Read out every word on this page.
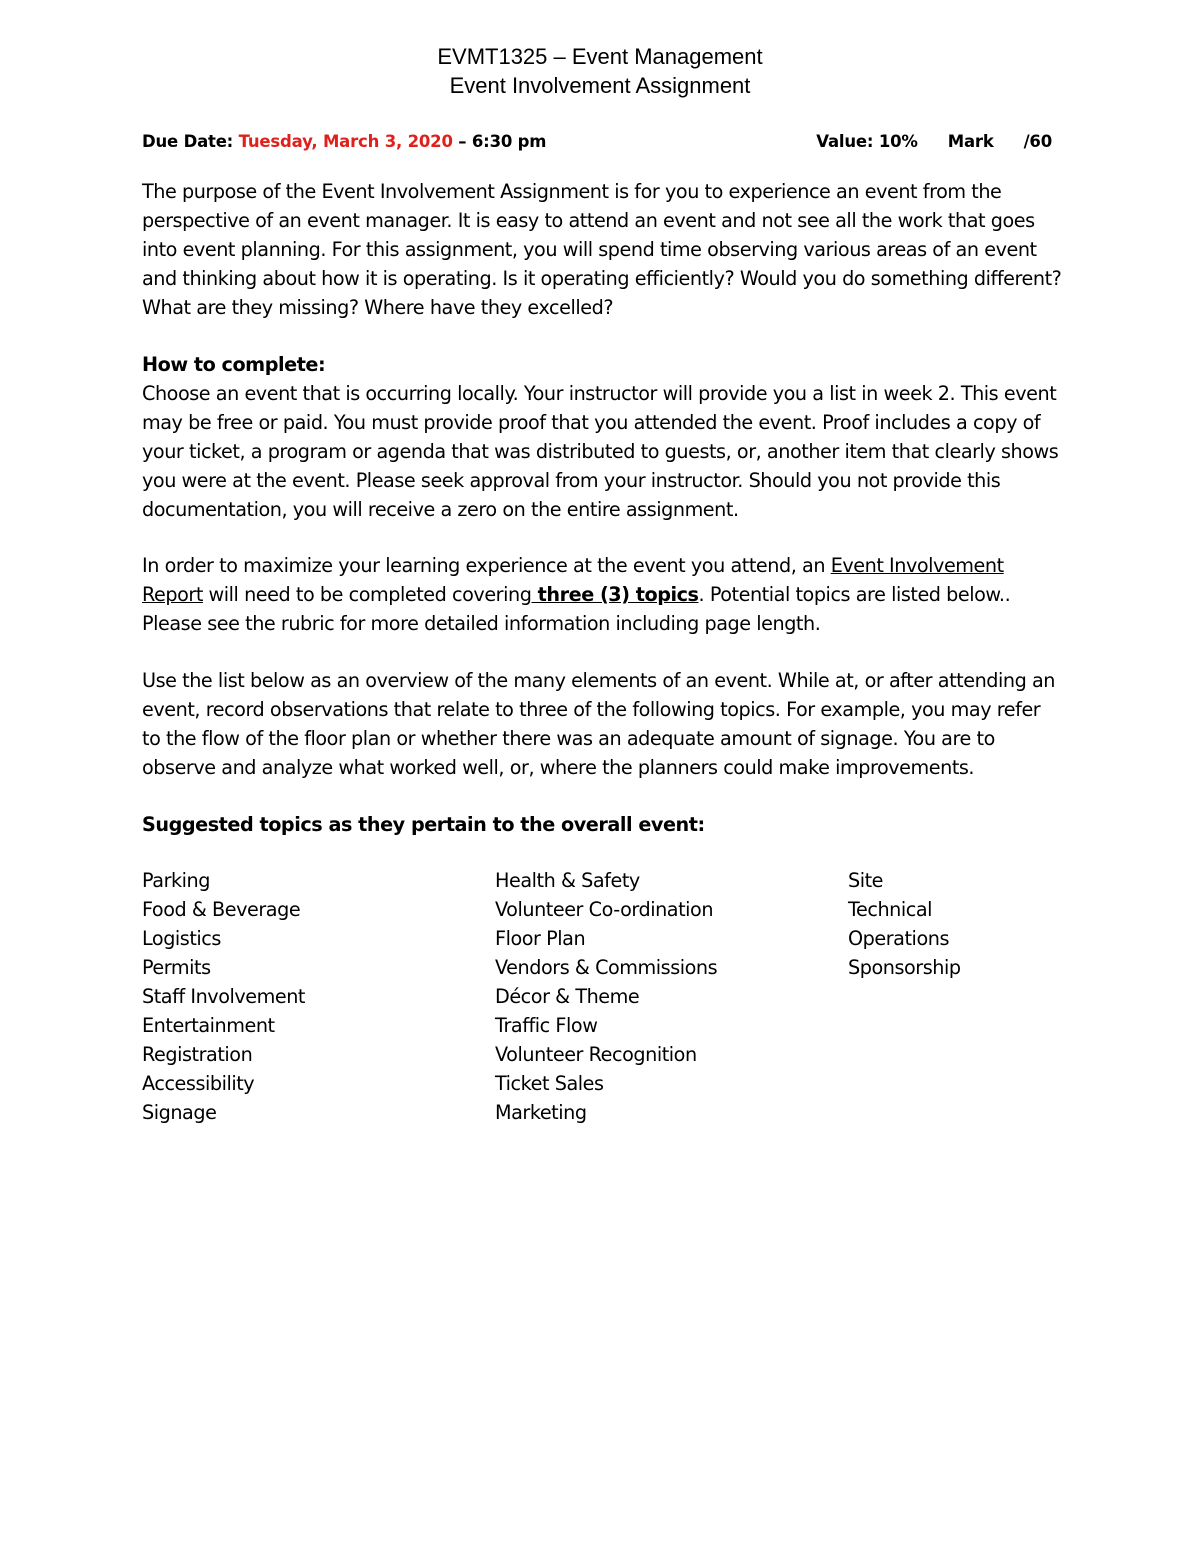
EVMT1325 – Event Management
Event Involvement Assignment
Due Date: Tuesday, March 3, 2020 – 6:30 pm	Value: 10% Mark /60

The purpose of the Event Involvement Assignment is for you to experience an event from the perspective of an event manager. It is easy to attend an event and not see all the work that goes into event planning. For this assignment, you will spend time observing various areas of an event and thinking about how it is operating. Is it operating efficiently? Would you do something different? What are they missing? Where have they excelled?

How to complete:
Choose an event that is occurring locally. Your instructor will provide you a list in week 2. This event may be free or paid. You must provide proof that you attended the event. Proof includes a copy of your ticket, a program or agenda that was distributed to guests, or, another item that clearly shows you were at the event. Please seek approval from your instructor. Should you not provide this documentation, you will receive a zero on the entire assignment.

In order to maximize your learning experience at the event you attend, an Event Involvement Report will need to be completed covering three (3) topics. Potential topics are listed below.. Please see the rubric for more detailed information including page length.

Use the list below as an overview of the many elements of an event. While at, or after attending an event, record observations that relate to three of the following topics. For example, you may refer to the flow of the floor plan or whether there was an adequate amount of signage. You are to observe and analyze what worked well, or, where the planners could make improvements.

Suggested topics as they pertain to the overall event:
Parking
Food & Beverage
Logistics
Permits
Staff Involvement
Entertainment
Registration
Accessibility
Signage
Health & Safety
Volunteer Co-ordination
Floor Plan
Vendors & Commissions
Décor & Theme
Traffic Flow
Volunteer Recognition
Ticket Sales
Marketing
Site
Technical
Operations
Sponsorship
